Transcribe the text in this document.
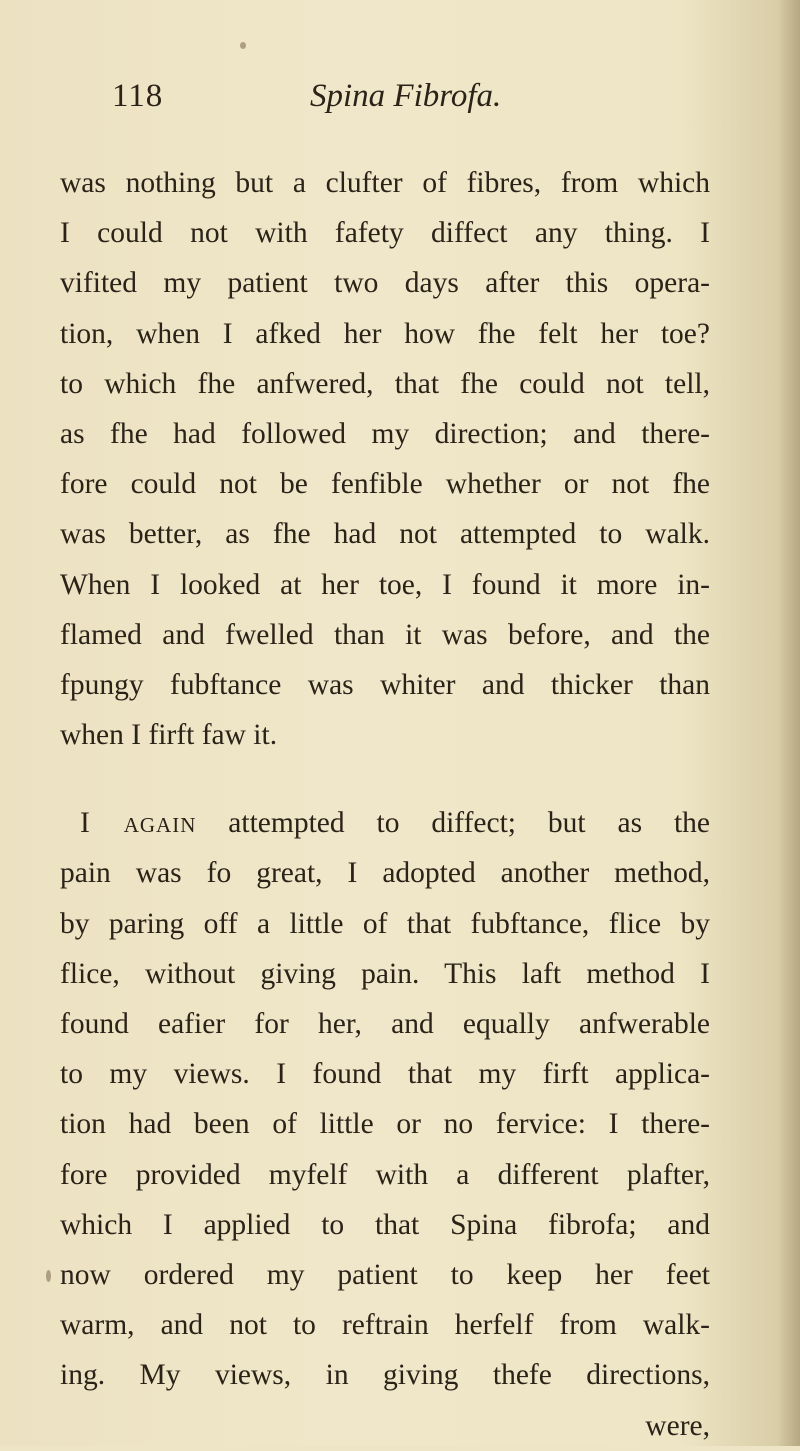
118	Spina Fibrofa.
was nothing but a clufter of fibres, from which
I could not with fafety diffect any thing. I
vifited my patient two days after this opera-
tion, when I afked her how fhe felt her toe?
to which fhe anfwered, that fhe could not tell,
as fhe had followed my direction; and there-
fore could not be fenfible whether or not fhe
was better, as fhe had not attempted to walk.
When I looked at her toe, I found it more in-
flamed and fwelled than it was before, and the
fpungy fubftance was whiter and thicker than
when I firft faw it.
I again attempted to diffect; but as the
pain was fo great, I adopted another method,
by paring off a little of that fubftance, flice by
flice, without giving pain. This laft method I
found eafier for her, and equally anfwerable
to my views. I found that my firft applica-
tion had been of little or no fervice: I there-
fore provided myfelf with a different plafter,
which I applied to that Spina fibrofa; and
now ordered my patient to keep her feet
warm, and not to reftrain herfelf from walk-
ing. My views, in giving thefe directions,
were,
